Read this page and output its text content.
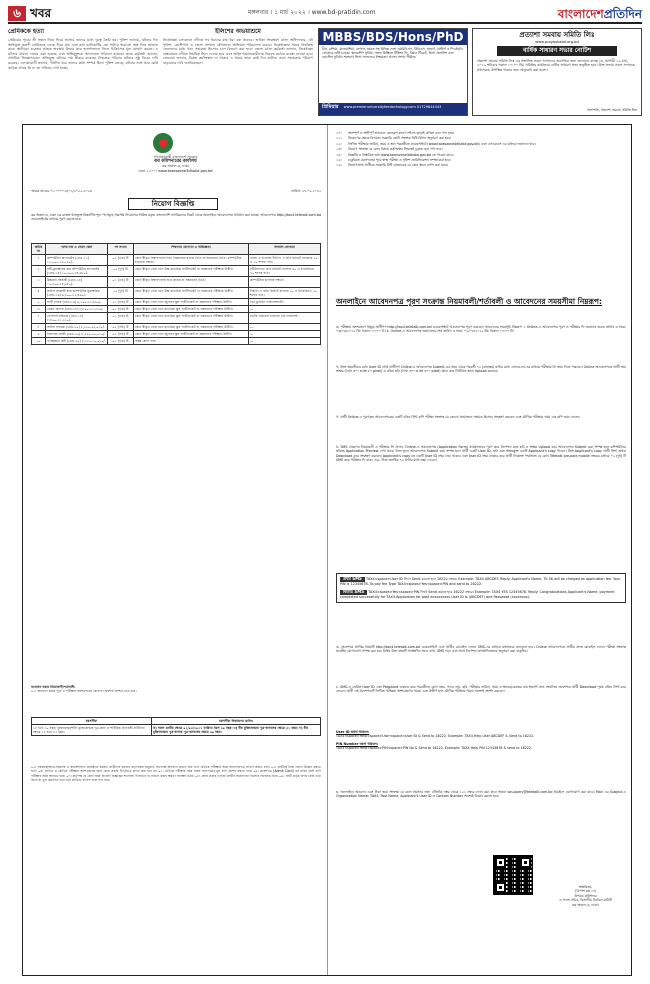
৬ খবর	মঙ্গলবার । ১ মার্চ ২০২২ । www.bd-pratidin.com	বাংলাদেশপ্রতিদিন
প্রেমিককে হত্যা
প্রেমিকের পূর্বের স্ত্রী সন্তান নিয়ে ফিরে আসায় তাদের মধ্যে দূরত্ব তৈরি হয়। পুলিশ জানায়, ঘটনার দিন অভিযুক্ত তরুণী প্রেমিককে ডেকে নিয়ে যায় এবং কথা কাটাকাটির এক পর্যায়ে ধারালো অস্ত্র দিয়ে আঘাত করে। স্থানীয়রা গুরুতর আহত অবস্থায় উদ্ধার করে হাসপাতালে নিলে চিকিৎসক মৃত ঘোষণা করেন। এ ঘটনায় মামলা দায়ের করা হয়েছে এবং অভিযুক্তকে আদালতে পাঠানো হয়েছে। তদন্ত কর্মকর্তা জানান, প্রাথমিক জিজ্ঞাসাবাদে অভিযুক্ত ঘটনার দায় স্বীকার করেছে। নিহতের পরিবার ঘটনার সুষ্ঠু বিচার দাবি করেছে। এলাকাবাসী জানায়, দীর্ঘদিন ধরে তাদের মধ্যে সম্পর্ক ছিল। পুলিশ বলছে, ঘটনার সঙ্গে আর কেউ জড়িত আছে কি না তা খতিয়ে দেখা হচ্ছে।
ইলিশের অভয়াশ্রমে
নিষেধাজ্ঞা চলাকালে নদীতে সব ধরনের মাছ ধরা বন্ধ থাকবে। জাটকা সংরক্ষণে মৎস্য অধিদফতর, নৌ পুলিশ, কোস্টগার্ড ও জেলা প্রশাসন যৌথভাবে অভিযান পরিচালনা করবে। নিষেধাজ্ঞার সময়ে নিবন্ধিত জেলেদের মধ্যে খাদ্য সহায়তা হিসেবে চাল বিতরণ করা হবে। জেলা মৎস্য কর্মকর্তা জানান, নিষেধাজ্ঞা বাস্তবায়নে নদীতে নিয়মিত টহল দেওয়া হবে এবং আইন অমান্যকারীদের বিরুদ্ধে কঠোর ব্যবস্থা নেওয়া হবে। জেলেরা জানান, বিকল্প কর্মসংস্থান না থাকায় এ সময়ে তারা কষ্টে দিন কাটান। তারা সহায়তার পরিমাণ বাড়ানোর দাবি জানিয়েছেন।
MBBS/BDS/Hons/PhD
চীন, রাশিয়া, মালয়েশিয়া, নেপাল, ভারত সহ বিভিন্ন দেশে এমবিবিএস, বিডিএস, অনার্স, মাস্টার্স ও পিএইচডি প্রোগ্রামে ভর্তি চলছে। স্কলারশিপ সুবিধা, সহজ কিস্তিতে টিউশন ফি, বিমান টিকেট, ভিসা প্রসেসিং এবং হোস্টেল সুবিধা। শতভাগ ভিসা সাফল্যের নিশ্চয়তা। আসন সংখ্যা সীমিত।
প্রিমিয়ার www.premieruniversityfeedachology.com 01729844443
প্রত্যাশা সমবায় সমিতি লিঃ
www.proyashabd.org.bd
বার্ষিক সাধারণ সভার নোটিশ
প্রত্যাশা সমবায় সমিতি লিঃ এর সম্মানিত সকল সদস্যদের অবগতির জন্য জানানো যাচ্ছে যে, আগামী ১৯ মার্চ, ২০২২ শনিবার সকাল ১০:০০ টায় সমিতির কার্যালয়ে বার্ষিক সাধারণ সভা অনুষ্ঠিত হবে। উক্ত সভায় সকল সদস্যকে যথাসময়ে উপস্থিত থাকার জন্য অনুরোধ করা হলো।
সভাপতি, প্রত্যাশা সমবায় সমিতি লিঃ
গণপ্রজাতন্ত্রী বাংলাদেশ সরকার
কর কমিশনারের কার্যালয়
কর অঞ্চল-৩, ঢাকা
ঢাকা-১২০০। www.taxeszone3dhaka.gov.bd
স্মারক নং-৩৪.০১.০০০০.৪/০১/২০২২-২০২৩	তারিখ: ২৭.০২.২০২২
নিয়োগ বিজ্ঞপ্তি
কর অঞ্চল-৩, ঢাকা এর রাজস্ব খাতভুক্ত নিম্নবর্ণিত শূন্য পদসমূহে সরাসরি নিয়োগের নিমিত্ত প্রকৃত বাংলাদেশি নাগরিকদের নিকট থেকে অনলাইনে আবেদনপত্র আহ্বান করা যাচ্ছে। আবেদনপত্র http://tax4.teletalk.com.bd ওয়েবসাইটের মাধ্যমে পূরণ করতে হবে।
ক্রমিক নং	পদের নাম ও বেতন স্কেল	পদ সংখ্যা	শিক্ষাগত যোগ্যতা ও অভিজ্ঞতা	অন্যান্য যোগ্যতা
১	কম্পিউটার অপারেটর (গ্রেড-১৩) ১১,০০০-২৬,৫৯০/-	০১ (এক) টি	কোন স্বীকৃত বিশ্ববিদ্যালয় হতে বিজ্ঞানসহ স্নাতক ডিগ্রি বা সমমানের ডিগ্রি; কম্পিউটার চালনায় দক্ষতা।	বাংলা ও ইংরেজি টাইপিং এ প্রতি মিনিটে যথাক্রমে ২০ ও ২০ শব্দের গতি।
২	সাঁট-মুদ্রাক্ষরিক কাম কম্পিউটার অপারেটর (গ্রেড-১৪) ১০,২০০-২৪,৬৮০/-	০২ (দুই) টি	কোন স্বীকৃত বোর্ড হতে উচ্চ মাধ্যমিক সার্টিফিকেট বা সমমানের পরীক্ষায় উত্তীর্ণ।	সাঁটলিপিতে প্রতি মিনিটে বাংলায় ৪৫ ও ইংরেজিতে ৭০ শব্দের গতি।
৩	উচ্চমান সহকারী (গ্রেড-১৪) ১০,২০০-২৪,৬৮০/-	০১ (এক) টি	কোন স্বীকৃত বিশ্ববিদ্যালয় হতে স্নাতক বা সমমানের ডিগ্রি।	কম্পিউটার চালনায় দক্ষতা।
৪	অফিস সহকারী কাম কম্পিউটার মুদ্রাক্ষরিক (গ্রেড-১৬) ৯,৩০০-২২,৪৯০/-	০২ (দুই) টি	কোন স্বীকৃত বোর্ড হতে উচ্চ মাধ্যমিক সার্টিফিকেট বা সমমানের পরীক্ষায় উত্তীর্ণ।	টাইপিং এ প্রতি মিনিটে বাংলায় ২০ ও ইংরেজিতে ২০ শব্দের গতি।
৫	গাড়ী চালক (গ্রেড-১৬) ৯,৩০০-২২,৪৯০/-	০১ (এক) টি	কোন স্বীকৃত বোর্ড হতে জুনিয়র স্কুল সার্টিফিকেট বা সমমানের পরীক্ষায় উত্তীর্ণ।	বৈধ ড্রাইভিং লাইসেন্সধারী।
৬	রেকর্ড কিপার (গ্রেড-১৮) ৮,৮০০-২১,৩১০/-	০১ (এক) টি	কোন স্বীকৃত বোর্ড হতে মাধ্যমিক স্কুল সার্টিফিকেট বা সমমানের পরীক্ষায় উত্তীর্ণ।	—
৭	ডেসপাস রাইডার (গ্রেড-১৮) ৮,৮০০-২১,৩১০/-	০১ (এক) টি	কোন স্বীকৃত বোর্ড হতে মাধ্যমিক স্কুল সার্টিফিকেট বা সমমানের পরীক্ষায় উত্তীর্ণ।	মোটর সাইকেল চালনার বৈধ লাইসেন্স।
৮	অফিস সহায়ক (গ্রেড-২০) ৮,২৫০-২০,০১০/-	০৫ (পাঁচ) টি	কোন স্বীকৃত বোর্ড হতে মাধ্যমিক স্কুল সার্টিফিকেট বা সমমানের পরীক্ষায় উত্তীর্ণ।	—
৯	নিরাপত্তা প্রহরী (গ্রেড-২০) ৮,২৫০-২০,০১০/-	০১ (এক) টি	কোন স্বীকৃত বোর্ড হতে জুনিয়র স্কুল সার্টিফিকেট বা সমমানের পরীক্ষায় উত্তীর্ণ।	—
১০	পরিচ্ছন্নতা কর্মী (গ্রেড-২০) ৮,২৫০-২০,০১০/-	০১ (এক) টি	অষ্টম শ্রেণি পাস।	—
আবেদন করার নিয়মাবলী/শর্তাবলী:
০১। আবেদন করার পূর্বে ও পরীক্ষায় অংশগ্রহণের যোগ্যতা অবশ্যই নিশ্চিত হতে হবে।
বয়সসীমা	বয়সসীমা নির্ধারণের তারিখ
১৮ হতে ৩০ বছর; মুক্তিযোদ্ধা/শহীদ মুক্তিযোদ্ধার পুত্র-কন্যা ও শারীরিক প্রতিবন্ধী প্রার্থীদের ক্ষেত্রে ১৮ হতে ৩২ বছর।	ক) সকল প্রার্থীর ক্ষেত্রে ০১/০৩/২০২২ তারিখে বয়স ৩০ বছর। খ) বীর মুক্তিযোদ্ধার পুত্র-কন্যাদের ক্ষেত্রে ৩২ বছর। গ) বীর মুক্তিযোদ্ধার পুত্র-কন্যার পুত্র-কন্যাদের ক্ষেত্রে ৩০ বছর।
০২। সরকারি/আধা-সরকারি ও স্বায়ত্তশাসিত প্রতিষ্ঠানে কর্মরত প্রার্থীদের যথাযথ কর্তৃপক্ষের অনুমতি সাপেক্ষে আবেদন করতে হবে এবং মৌখিক পরীক্ষার সময় অনাপত্তিপত্র দাখিল করতে হবে। ০৩। প্রার্থীকে নিজ জেলা উল্লেখ করতে হবে। ০৪। লিখিত ও মৌখিক পরীক্ষায় অংশগ্রহণের জন্য কোন প্রকার টিএ/ডিএ প্রদান করা হবে না। ০৫। মৌখিক পরীক্ষার সময় সকল সনদপত্রের মূল কপি প্রদর্শন করতে হবে। ০৬। প্রবেশপত্র (Admit Card) এর রঙিন প্রিন্ট কপি পরীক্ষার সময় আনতে হবে। ০৭। কর্তৃপক্ষ যে কোন সময় নিয়োগ বিজ্ঞপ্তির শর্তাবলি পরিবর্তন বা বাতিল করার ক্ষমতা সংরক্ষণ করে। ০৮। কোন প্রকার তদবির প্রার্থীর অযোগ্যতা হিসেবে বিবেচিত হবে। ০৯। প্রার্থী কর্তৃক প্রদত্ত কোন তথ্য মিথ্যা বা ভুল প্রমাণিত হলে তার প্রার্থিতা বাতিল বলে গণ্য হবে।
১০।	অসম্পূর্ণ ও ত্রুটিপূর্ণ আবেদন কোনরূপ কারণ দর্শানো ছাড়াই বাতিল বলে গণ্য হবে।
১১।	নিয়োগের ক্ষেত্রে বিদ্যমান সরকারি কোটা সংক্রান্ত বিধি-বিধান অনুসরণ করা হবে।
১২।	লিখিত পরীক্ষার তারিখ, সময় ও স্থান পরবর্তীতে ওয়েবসাইটে (www.taxeszone4dhaka.gov.bd) এবং এসএমএস এর মাধ্যমে জানানো হবে।
১৩।	নিয়োগ সংক্রান্ত যে কোন বিষয়ে কর্তৃপক্ষের সিদ্ধান্তই চূড়ান্ত বলে গণ্য হবে।
১৪।	বিজ্ঞপ্তি ও বিস্তারিত তথ্য www.taxeszone4dhaka.gov.bd তে পাওয়া যাবে।
১৫।	চাকুরিতে যোগদানের পূর্বে স্বাস্থ্য পরীক্ষা ও পুলিশ ভেরিফিকেশন সম্পন্ন করা হবে।
১৬।	নিয়োগপ্রাপ্ত প্রার্থীকে সরকারি বিধি মোতাবেক যে কোন স্থানে বদলি করা যাবে।
অনলাইনে আবেদনপত্র পূরণ সংক্রান্ত নিয়মাবলী/শর্তাবলী ও আবেদনের সময়সীমা নিম্নরূপ:
ক. পরীক্ষায় অংশগ্রহণে ইচ্ছুক প্রার্থীগণ http://tax4.teletalk.com.bd ওয়েবসাইটে আবেদনপত্র পূরণ করবেন। আবেদনের সময়সূচি নিম্নরূপ: i. Online-এ আবেদনপত্র পূরণ ও পরীক্ষার ফি জমাদান শুরুর তারিখ ও সময়: ০৩/০৩/২০২২ খ্রি: সকাল ১০:০০ টা। ii. Online-এ আবেদনপত্র জমাদানের শেষ তারিখ ও সময়: ০২/০৪/২০২২ খ্রি: বিকাল ০৫:০০ টা।
খ. উক্ত সময়সীমার মধ্যে User ID প্রাপ্ত প্রার্থীগণ Online-এ আবেদনপত্র Submit-এর সময় থেকে পরবর্তী ৭২ (বাহাত্তর) ঘণ্টার মধ্যে এসএমএস-এর মাধ্যমে পরীক্ষার ফি জমা দিতে পারবেন। Online আবেদনপত্রে প্রার্থী তার স্বাক্ষর (দৈর্ঘ্য ৩০০×প্রস্থ ৮০ pixel) ও রঙিন ছবি (দৈর্ঘ্য ৩০০×প্রস্থ ৩০০ pixel) স্ক্যান করে নির্ধারিত স্থানে Upload করবেন।
গ. প্রার্থী Online-এ পূরণকৃত আবেদনপত্রের একটি রঙিন প্রিন্ট কপি পরীক্ষা সংক্রান্ত যে কোনো প্রয়োজনে সহায়ক হিসেবে সংরক্ষণ করবেন এবং মৌখিক পরীক্ষার সময় এক কপি জমা দেবেন।
ঘ. SMS প্রেরণের নিয়মাবলী ও পরীক্ষার ফি প্রদান: Online-এ আবেদনপত্র (Application Form) যথাযথভাবে পূরণ করে নির্দেশনা মতে ছবি ও স্বাক্ষর Upload করে আবেদনপত্র Submit করা সম্পন্ন হলে কম্পিউটারে ছবিসহ Application Preview দেখা যাবে। নিজ ভুলে আবেদনপত্র Submit করা সম্পন্ন হলে প্রার্থী একটি User ID, ছবি এবং স্বাক্ষরযুক্ত একটি Applicant's copy পাবেন। উক্ত Applicant's copy প্রার্থী প্রিন্ট অথবা Download করে সংরক্ষণ করবেন। Applicant's copy তে একটি User ID নম্বর দেয়া থাকবে এবং User ID নম্বর ব্যবহার করে প্রার্থী নিম্নোক্ত পদ্ধতিতে যে কোন Teletalk pre-paid mobile নম্বরের মাধ্যমে ০২ (দুই) টি SMS করে পরীক্ষার ফি বাবদ ৫৬/- টাকা অনধিক ৭২ ঘণ্টার মধ্যে জমা দেবেন।
প্রথম SMS TAX4<space>User ID লিখে Send করতে হবে 16222 নম্বরে। Example: TAX4 ABCDEF. Reply: Applicant's Name, Tk-56 will be charged as application fee. Your PIN is 12345678. To pay fee Type TAX4<space>Yes<space>PIN and send to 16222.
দ্বিতীয় SMS TAX4<space>Yes<space>PIN লিখে Send করতে হবে 16222 নম্বরে। Example: TAX4 YES 12345678. Reply: Congratulations Applicant's Name, payment completed successfully for TAX4 Application for post xxxxxxxxxx User ID is (ABCDEF) and Password (xxxxxxxx).
ঙ. প্রবেশপত্র প্রাপ্তির বিষয়টি http://tax4.teletalk.com.bd ওয়েবসাইটে এবং প্রার্থীর মোবাইল ফোনে SMS-এর মাধ্যমে যথাসময়ে জানানো হবে। Online আবেদনপত্রে প্রার্থীর প্রদত্ত মোবাইল ফোনে পরীক্ষা সংক্রান্ত যাবতীয় যোগাযোগ সম্পন্ন করা হবে বিধায় উক্ত নম্বরটি সার্বক্ষণিক সচল রাখা, SMS পড়া এবং প্রাপ্ত নির্দেশনা তাৎক্ষণিকভাবে অনুসরণ করা বাঞ্ছনীয়।
চ. SMS-এ প্রেরিত User ID এবং Password ব্যবহার করে পরবর্তীতে রোল নম্বর, পদের নাম, ছবি, পরীক্ষার তারিখ, সময় ও স্থানের/কেন্দ্রের নাম ইত্যাদি তথ্য সংবলিত প্রবেশপত্র প্রার্থী Download পূর্বক রঙিন প্রিন্ট করে নেবেন। প্রার্থী এই প্রবেশপত্রটি লিখিত পরীক্ষায় অংশগ্রহণের সময়ে এবং উত্তীর্ণ হলে মৌখিক পরীক্ষার সময়ে অবশ্যই প্রদর্শন করবেন।
User ID জানা থাকলে:
TAX4<space>Help<space>User<space>User ID & Send to 16222. Example: TAX4 Help User ABCDEF & Send to 16222.
PIN Number জানা থাকলে:
TAX4<space>Help<space>PIN<space>PIN No & Send to 16222. Example: TAX4 Help PIN 12345678 & send to 16222.
ছ. অনলাইনে আবেদন এবং টাকা জমা সংক্রান্ত যে কোন সমস্যার জন্য টেলিটক নম্বর থেকে ১২১ নম্বরে ফোন করা যাবে অথবা vas.query@teletalk.com.bd ইমেইলে যোগাযোগ করা যাবে। Mail এর Subject-এ Organization Name: TAX4, Post Name, Applicant's User ID ও Contact Number অবশ্যই উল্লেখ করতে হবে।
স্বাক্ষরিত/-
(বিপাশ চন্দ্র দে)
উপকর কমিশনার
ও সদস্য সচিব, বিভাগীয় নির্বাচন কমিটি
কর অঞ্চল-৩, ঢাকা।
